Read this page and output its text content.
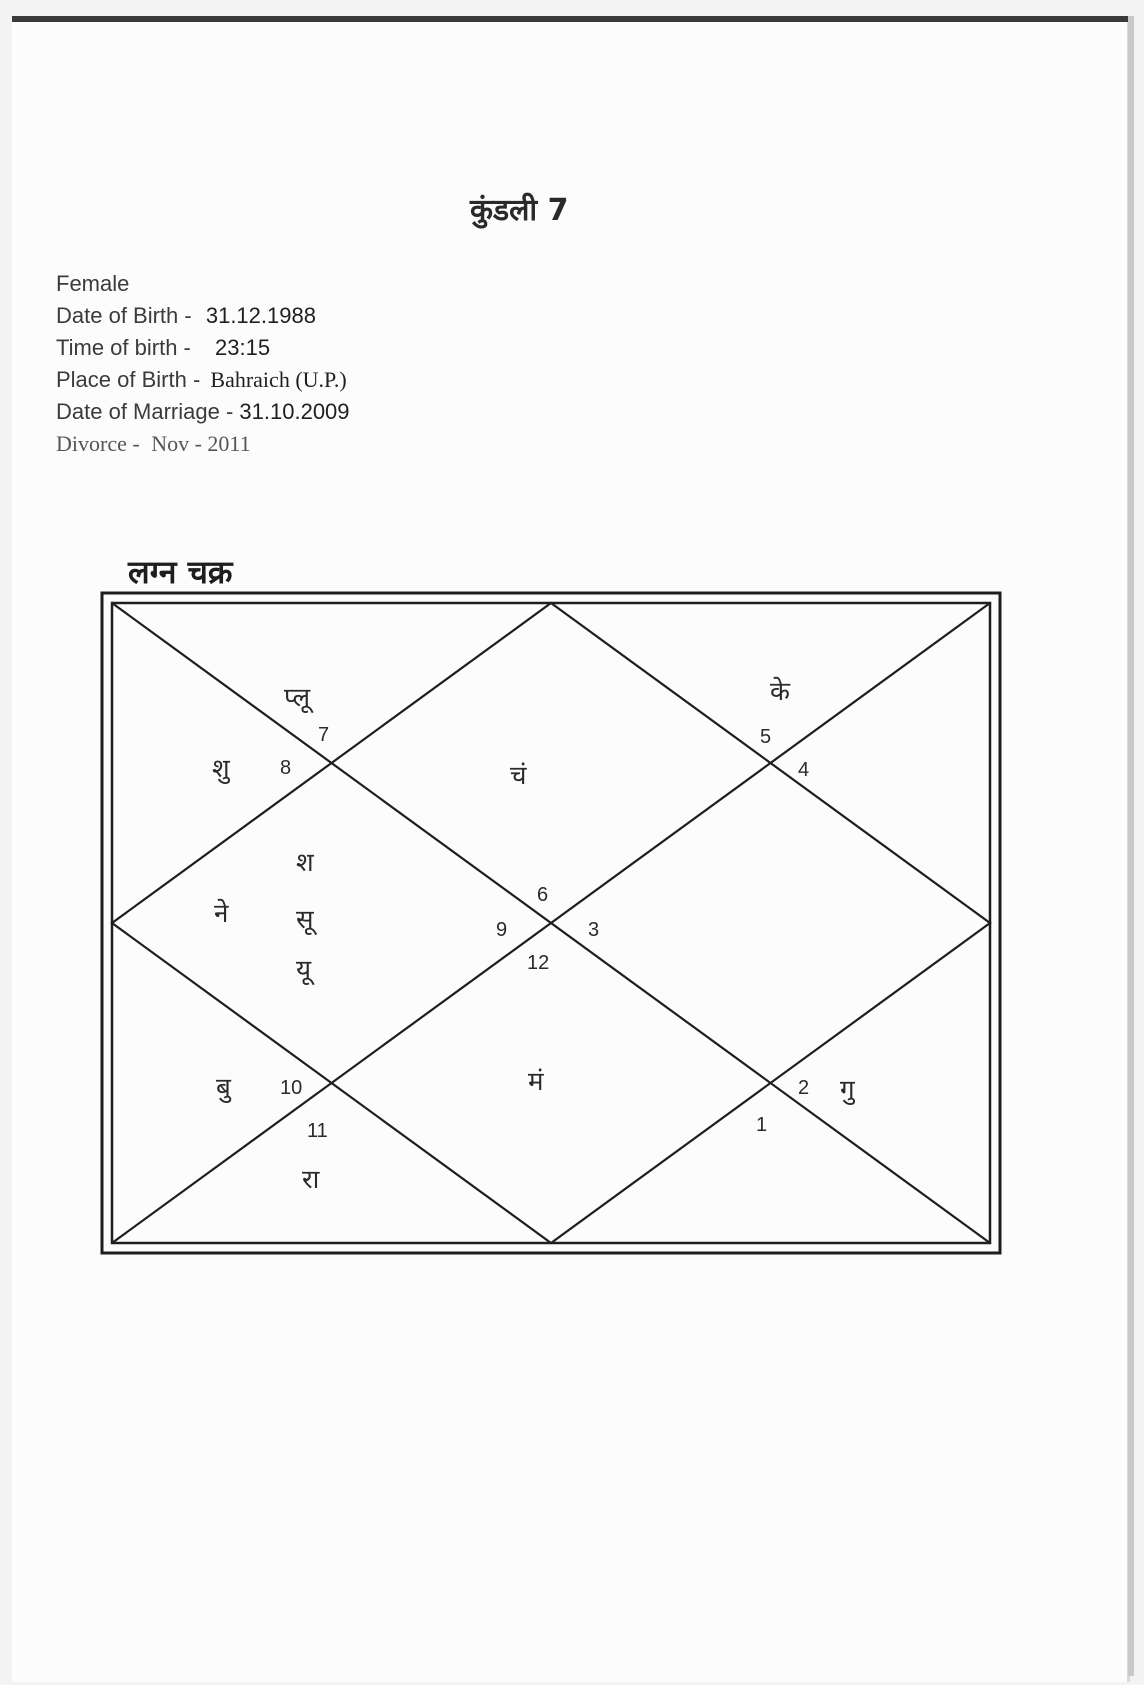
कुंडली 7
Female
Date of Birth - 31.12.1988
Time of birth - 23:15
Place of Birth - Bahraich (U.P.)
Date of Marriage - 31.10.2009
Divorce - Nov - 2011
लग्न चक्र
7
8
5
4
6
9	3
12
10
11
2
1
प्लू
शु	चं
के
श
ने	सू
यू
बु
रा
मं	गु
